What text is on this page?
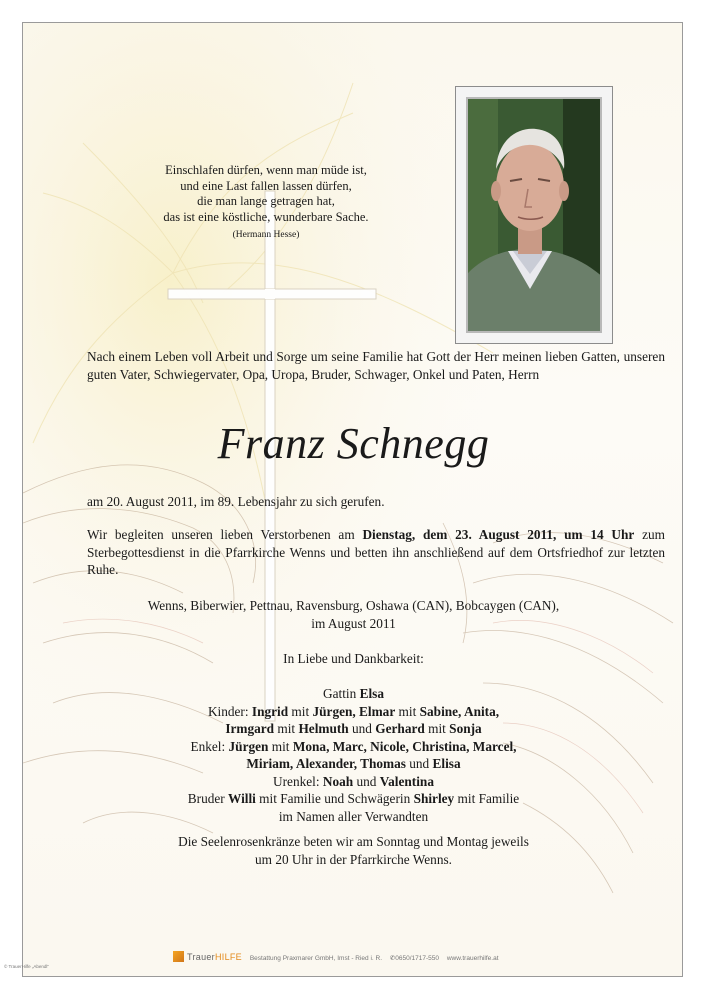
Einschlafen dürfen, wenn man müde ist,
und eine Last fallen lassen dürfen,
die man lange getragen hat,
das ist eine köstliche, wunderbare Sache.
(Hermann Hesse)
Nach einem Leben voll Arbeit und Sorge um seine Familie hat Gott der Herr meinen lieben Gatten, unseren guten Vater, Schwiegervater, Opa, Uropa, Bruder, Schwager, Onkel und Paten, Herrn
Franz Schnegg
am 20. August 2011, im 89. Lebensjahr zu sich gerufen.
Wir begleiten unseren lieben Verstorbenen am Dienstag, dem 23. August 2011, um 14 Uhr zum Sterbegottesdienst in die Pfarrkirche Wenns und betten ihn anschließend auf dem Ortsfriedhof zur letzten Ruhe.
Wenns, Biberwier, Pettnau, Ravensburg, Oshawa (CAN), Bobcaygen (CAN),
im August 2011
In Liebe und Dankbarkeit:
Gattin Elsa
Kinder: Ingrid mit Jürgen, Elmar mit Sabine, Anita,
Irmgard mit Helmuth und Gerhard mit Sonja
Enkel: Jürgen mit Mona, Marc, Nicole, Christina, Marcel,
Miriam, Alexander, Thomas und Elisa
Urenkel: Noah und Valentina
Bruder Willi mit Familie und Schwägerin Shirley mit Familie
im Namen aller Verwandten
Die Seelenrosenkränze beten wir am Sonntag und Montag jeweils
um 20 Uhr in der Pfarrkirche Wenns.
TrauerHILFE Bestattung Praxmarer GmbH, Imst - Ried i. R. ✆0650/1717-550 www.trauerhilfe.at
© TrauerHilfe „Abendl”
